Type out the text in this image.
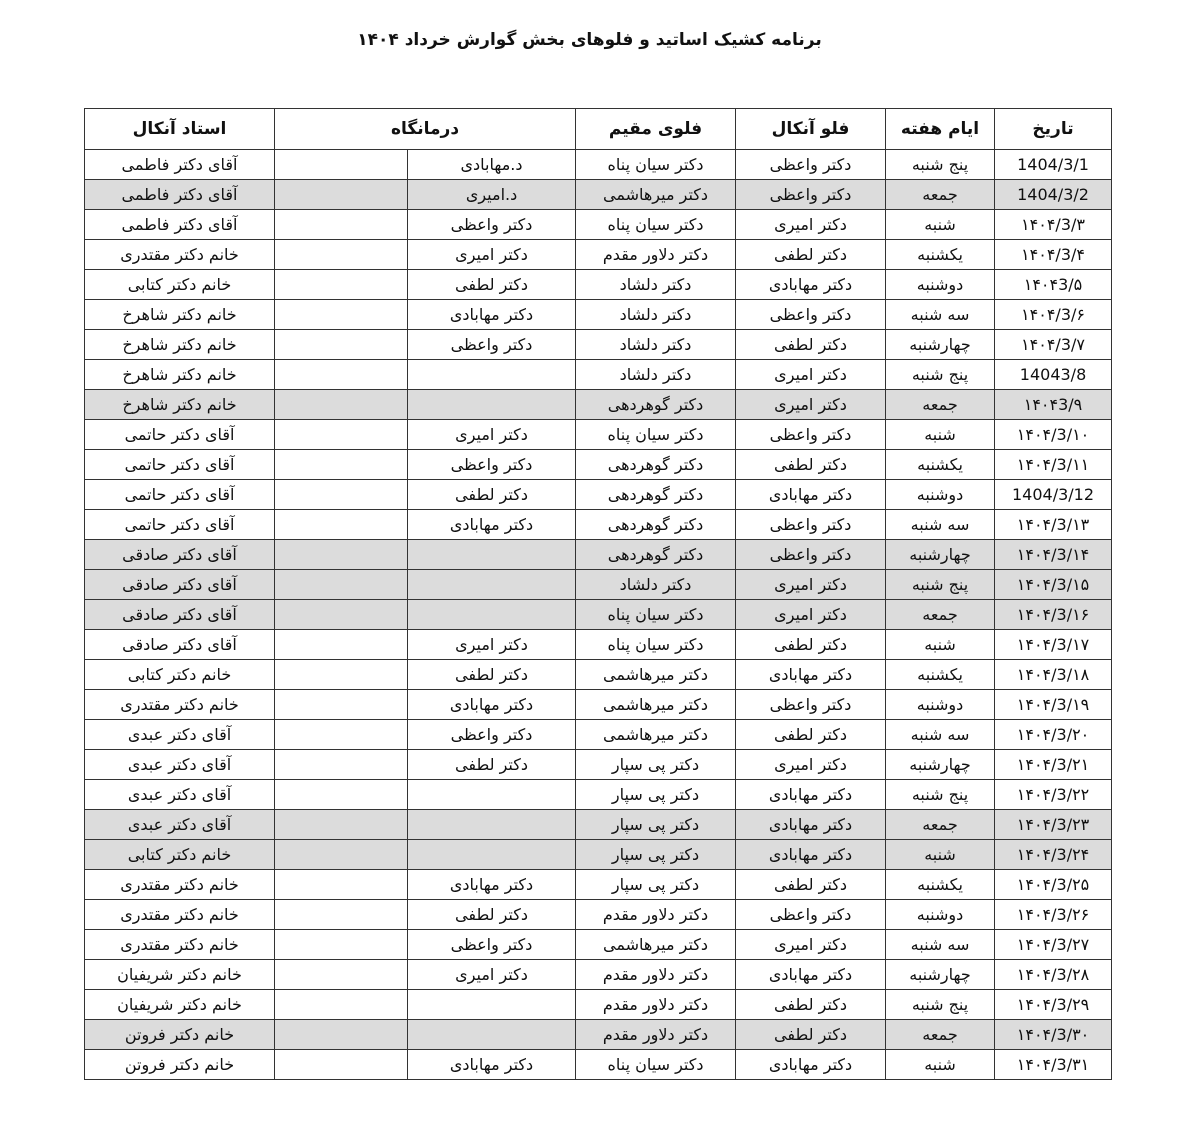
برنامه کشیک اساتید و فلوهای بخش گوارش خرداد ۱۴۰۴
تاریخ	ایام هفته	فلو آنکال	فلوی مقیم	درمانگاه		استاد آنکال
1404/3/1	پنج شنبه	دکتر واعظی	دکتر سیان پناه	د.مهابادی		آقای دکتر فاطمی
1404/3/2	جمعه	دکتر واعظی	دکتر میرهاشمی	د.امیری		آقای دکتر فاطمی
۱۴۰۴/3/۳	شنبه	دکتر امیری	دکتر سیان پناه	دکتر واعظی		آقای دکتر فاطمی
۱۴۰۴/3/۴	یکشنبه	دکتر لطفی	دکتر دلاور مقدم	دکتر امیری		خانم دکتر مقتدری
۱۴۰۴3/۵	دوشنبه	دکتر مهابادی	دکتر دلشاد	دکتر لطفی		خانم دکتر کتابی
۱۴۰۴/3/۶	سه شنبه	دکتر واعظی	دکتر دلشاد	دکتر مهابادی		خانم دکتر شاهرخ
۱۴۰۴/3/۷	چهارشنبه	دکتر لطفی	دکتر دلشاد	دکتر واعظی		خانم دکتر شاهرخ
14043/8	پنج شنبه	دکتر امیری	دکتر دلشاد			خانم دکتر شاهرخ
۱۴۰۴3/۹	جمعه	دکتر امیری	دکتر گوهردهی			خانم دکتر شاهرخ
۱۴۰۴/3/۱۰	شنبه	دکتر واعظی	دکتر سیان پناه	دکتر امیری		آقای دکتر حاتمی
۱۴۰۴/3/۱۱	یکشنبه	دکتر لطفی	دکتر گوهردهی	دکتر واعظی		آقای دکتر حاتمی
1404/3/12	دوشنبه	دکتر مهابادی	دکتر گوهردهی	دکتر لطفی		آقای دکتر حاتمی
۱۴۰۴/3/۱۳	سه شنبه	دکتر واعظی	دکتر گوهردهی	دکتر مهابادی		آقای دکتر حاتمی
۱۴۰۴/3/۱۴	چهارشنبه	دکتر واعظی	دکتر گوهردهی			آقای دکتر صادقی
۱۴۰۴/3/۱۵	پنج شنبه	دکتر امیری	دکتر دلشاد			آقای دکتر صادقی
۱۴۰۴/3/۱۶	جمعه	دکتر امیری	دکتر سیان پناه			آقای دکتر صادقی
۱۴۰۴/3/۱۷	شنبه	دکتر لطفی	دکتر سیان پناه	دکتر امیری		آقای دکتر صادقی
۱۴۰۴/3/۱۸	یکشنبه	دکتر مهابادی	دکتر میرهاشمی	دکتر لطفی		خانم دکتر کتابی
۱۴۰۴/3/۱۹	دوشنبه	دکتر واعظی	دکتر میرهاشمی	دکتر مهابادی		خانم دکتر مقتدری
۱۴۰۴/3/۲۰	سه شنبه	دکتر لطفی	دکتر میرهاشمی	دکتر واعظی		آقای دکتر عبدی
۱۴۰۴/3/۲۱	چهارشنبه	دکتر امیری	دکتر پی سپار	دکتر لطفی		آقای دکتر عبدی
۱۴۰۴/3/۲۲	پنج شنبه	دکتر مهابادی	دکتر پی سپار			آقای دکتر عبدی
۱۴۰۴/3/۲۳	جمعه	دکتر مهابادی	دکتر پی سپار			آقای دکتر عبدی
۱۴۰۴/3/۲۴	شنبه	دکتر مهابادی	دکتر پی سپار			خانم دکتر کتابی
۱۴۰۴/3/۲۵	یکشنبه	دکتر لطفی	دکتر پی سپار	دکتر مهابادی		خانم دکتر مقتدری
۱۴۰۴/3/۲۶	دوشنبه	دکتر واعظی	دکتر دلاور مقدم	دکتر لطفی		خانم دکتر مقتدری
۱۴۰۴/3/۲۷	سه شنبه	دکتر امیری	دکتر میرهاشمی	دکتر واعظی		خانم دکتر مقتدری
۱۴۰۴/3/۲۸	چهارشنبه	دکتر مهابادی	دکتر دلاور مقدم	دکتر امیری		خانم دکتر شریفیان
۱۴۰۴/3/۲۹	پنج شنبه	دکتر لطفی	دکتر دلاور مقدم			خانم دکتر شریفیان
۱۴۰۴/3/۳۰	جمعه	دکتر لطفی	دکتر دلاور مقدم			خانم دکتر فروتن
۱۴۰۴/3/۳۱	شنبه	دکتر مهابادی	دکتر سیان پناه	دکتر مهابادی		خانم دکتر فروتن
